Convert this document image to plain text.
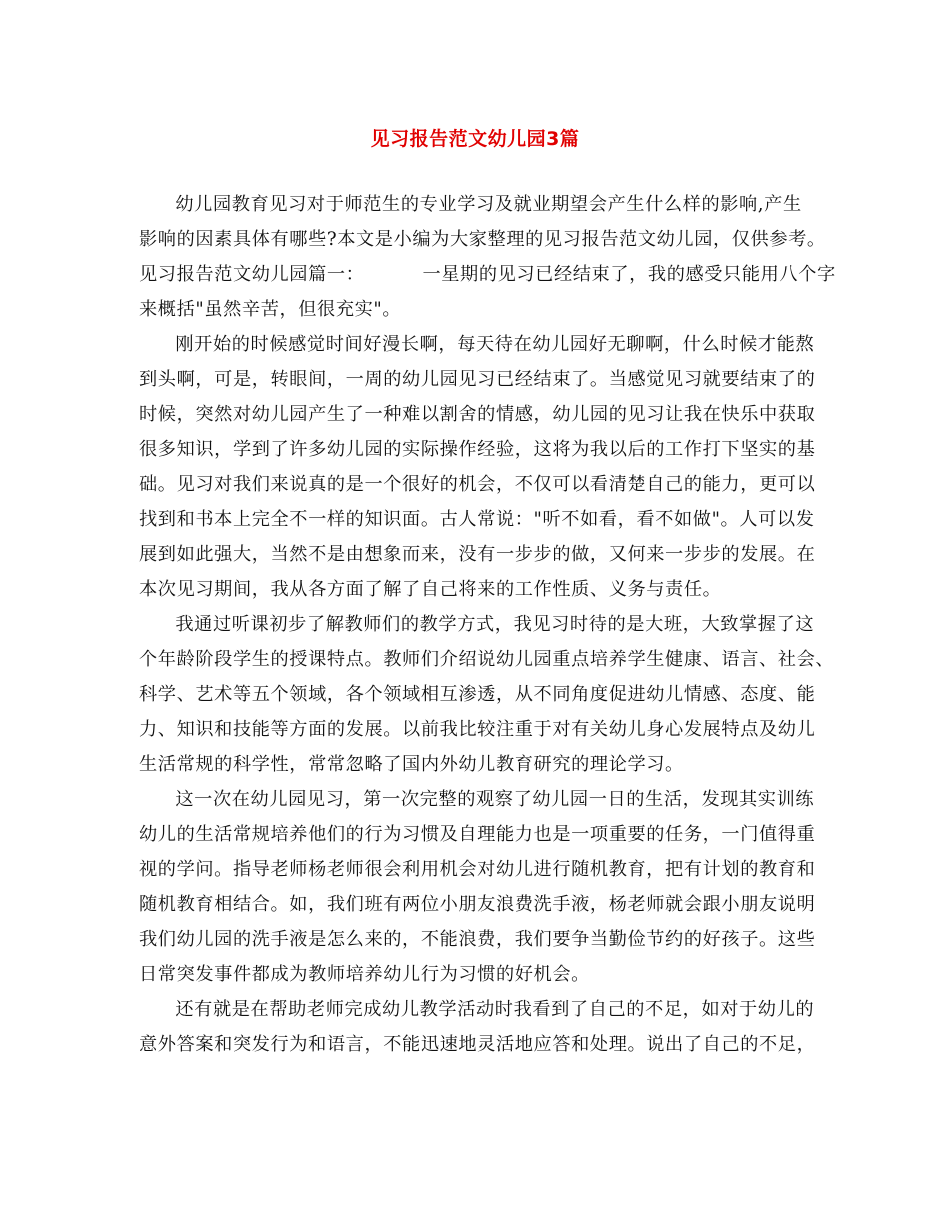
见习报告范文幼儿园3篇
幼儿园教育见习对于师范生的专业学习及就业期望会产生什么样的影响,产生
影响的因素具体有哪些?本文是小编为大家整理的见习报告范文幼儿园，仅供参考。
见习报告范文幼儿园篇一：	一星期的见习已经结束了，我的感受只能用八个字
来概括"虽然辛苦，但很充实"。
刚开始的时候感觉时间好漫长啊，每天待在幼儿园好无聊啊，什么时候才能熬
到头啊，可是，转眼间，一周的幼儿园见习已经结束了。当感觉见习就要结束了的
时候，突然对幼儿园产生了一种难以割舍的情感，幼儿园的见习让我在快乐中获取
很多知识，学到了许多幼儿园的实际操作经验，这将为我以后的工作打下坚实的基
础。见习对我们来说真的是一个很好的机会，不仅可以看清楚自己的能力，更可以
找到和书本上完全不一样的知识面。古人常说："听不如看，看不如做"。人可以发
展到如此强大，当然不是由想象而来，没有一步步的做，又何来一步步的发展。在
本次见习期间，我从各方面了解了自己将来的工作性质、义务与责任。
我通过听课初步了解教师们的教学方式，我见习时待的是大班，大致掌握了这
个年龄阶段学生的授课特点。教师们介绍说幼儿园重点培养学生健康、语言、社会、
科学、艺术等五个领域，各个领域相互渗透，从不同角度促进幼儿情感、态度、能
力、知识和技能等方面的发展。以前我比较注重于对有关幼儿身心发展特点及幼儿
生活常规的科学性，常常忽略了国内外幼儿教育研究的理论学习。
这一次在幼儿园见习，第一次完整的观察了幼儿园一日的生活，发现其实训练
幼儿的生活常规培养他们的行为习惯及自理能力也是一项重要的任务，一门值得重
视的学问。指导老师杨老师很会利用机会对幼儿进行随机教育，把有计划的教育和
随机教育相结合。如，我们班有两位小朋友浪费洗手液，杨老师就会跟小朋友说明
我们幼儿园的洗手液是怎么来的，不能浪费，我们要争当勤俭节约的好孩子。这些
日常突发事件都成为教师培养幼儿行为习惯的好机会。
还有就是在帮助老师完成幼儿教学活动时我看到了自己的不足，如对于幼儿的
意外答案和突发行为和语言，不能迅速地灵活地应答和处理。说出了自己的不足，
